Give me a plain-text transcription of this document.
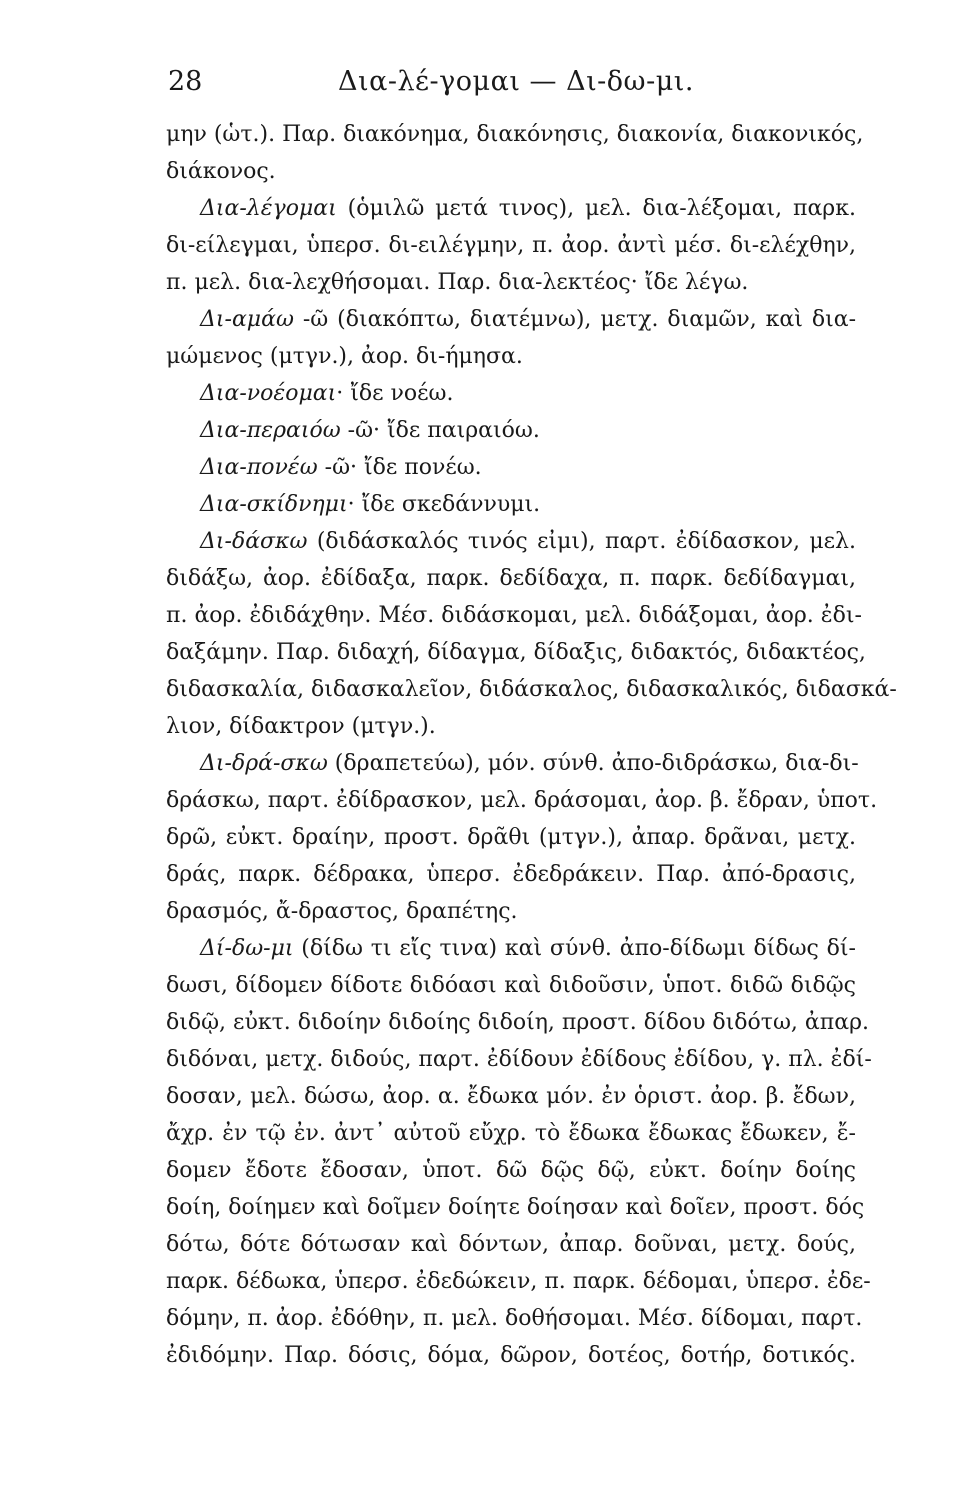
28	Δια-λέ-γομαι — Δι-δω-μι.
μην (ὡτ.). Παρ. διακόνημα, διακόνησις, διακονία, διακονικός,
διάκονος.
Δια-λέγομαι (ὁμιλῶ μετά τινος), μελ. δια-λέξομαι, παρκ.
δι-είλεγμαι, ὑπερσ. δι-ειλέγμην, π. ἀορ. ἀντὶ μέσ. δι-ελέχθην,
π. μελ. δια-λεχθήσομαι. Παρ. δια-λεκτέος· ἴδε λέγω.
Δι-αμάω -ῶ (διακόπτω, διατέμνω), μετχ. διαμῶν, καὶ δια-
μώμενος (μτγν.), ἀορ. δι-ήμησα.
Δια-νοέομαι· ἴδε νοέω.
Δια-περαιόω -ῶ· ἴδε παιραιόω.
Δια-πονέω -ῶ· ἴδε πονέω.
Δια-σκίδνημι· ἴδε σκεδάννυμι.
Δι-δάσκω (διδάσκαλός τινός εἰμι), παρτ. ἐδίδασκον, μελ.
διδάξω, ἀορ. ἐδίδαξα, παρκ. δεδίδαχα, π. παρκ. δεδίδαγμαι,
π. ἀορ. ἐδιδάχθην. Μέσ. διδάσκομαι, μελ. διδάξομαι, ἀορ. ἐδι-
δαξάμην. Παρ. διδαχή, δίδαγμα, δίδαξις, διδακτός, διδακτέος,
διδασκαλία, διδασκαλεῖον, διδάσκαλος, διδασκαλικός, διδασκά-
λιον, δίδακτρον (μτγν.).
Δι-δρά-σκω (δραπετεύω), μόν. σύνθ. ἀπο-διδράσκω, δια-δι-
δράσκω, παρτ. ἐδίδρασκον, μελ. δράσομαι, ἀορ. β. ἔδραν, ὑποτ.
δρῶ, εὐκτ. δραίην, προστ. δρᾶθι (μτγν.), ἀπαρ. δρᾶναι, μετχ.
δράς, παρκ. δέδρακα, ὑπερσ. ἐδεδράκειν. Παρ. ἀπό-δρασις,
δρασμός, ἄ-δραστος, δραπέτης.
Δί-δω-μι (δίδω τι εἴς τινα) καὶ σύνθ. ἀπο-δίδωμι δίδως δί-
δωσι, δίδομεν δίδοτε διδόασι καὶ διδοῦσιν, ὑποτ. διδῶ διδῷς
διδῷ, εὐκτ. διδοίην διδοίης διδοίη, προστ. δίδου διδότω, ἀπαρ.
διδόναι, μετχ. διδούς, παρτ. ἐδίδουν ἐδίδους ἐδίδου, γ. πλ. ἐδί-
δοσαν, μελ. δώσω, ἀορ. α. ἔδωκα μόν. ἐν ὁριστ. ἀορ. β. ἔδων,
ἄχρ. ἐν τῷ ἐν. ἀντ᾽ αὐτοῦ εὔχρ. τὸ ἔδωκα ἔδωκας ἔδωκεν, ἔ-
δομεν ἔδοτε ἔδοσαν, ὑποτ. δῶ δῷς δῷ, εὐκτ. δοίην δοίης
δοίη, δοίημεν καὶ δοῖμεν δοίητε δοίησαν καὶ δοῖεν, προστ. δός
δότω, δότε δότωσαν καὶ δόντων, ἀπαρ. δοῦναι, μετχ. δούς,
παρκ. δέδωκα, ὑπερσ. ἐδεδώκειν, π. παρκ. δέδομαι, ὑπερσ. ἐδε-
δόμην, π. ἀορ. ἐδόθην, π. μελ. δοθήσομαι. Μέσ. δίδομαι, παρτ.
ἐδιδόμην. Παρ. δόσις, δόμα, δῶρον, δοτέος, δοτήρ, δοτικός.
